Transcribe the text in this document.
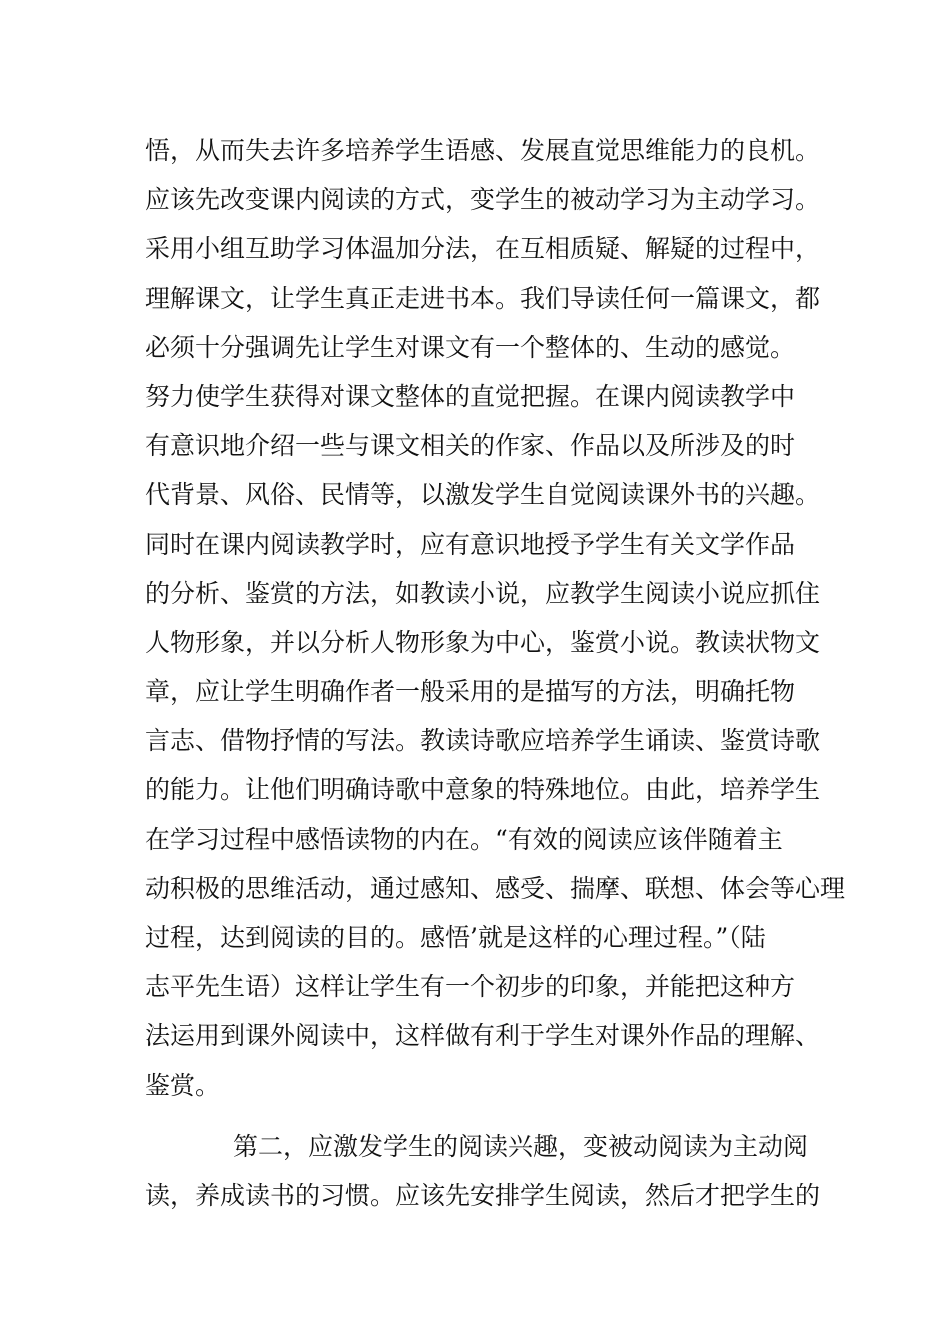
悟，从而失去许多培养学生语感、发展直觉思维能力的良机。
应该先改变课内阅读的方式，变学生的被动学习为主动学习。
采用小组互助学习体温加分法，在互相质疑、解疑的过程中，
理解课文，让学生真正走进书本。我们导读任何一篇课文，都
必须十分强调先让学生对课文有一个整体的、生动的感觉。
努力使学生获得对课文整体的直觉把握。在课内阅读教学中
有意识地介绍一些与课文相关的作家、作品以及所涉及的时
代背景、风俗、民情等，以激发学生自觉阅读课外书的兴趣。
同时在课内阅读教学时，应有意识地授予学生有关文学作品
的分析、鉴赏的方法，如教读小说，应教学生阅读小说应抓住
人物形象，并以分析人物形象为中心，鉴赏小说。教读状物文
章，应让学生明确作者一般采用的是描写的方法，明确托物
言志、借物抒情的写法。教读诗歌应培养学生诵读、鉴赏诗歌
的能力。让他们明确诗歌中意象的特殊地位。由此，培养学生
在学习过程中感悟读物的内在。“有效的阅读应该伴随着主
动积极的思维活动，通过感知、感受、揣摩、联想、体会等心理
过程，达到阅读的目的。感悟’就是这样的心理过程。”（陆
志平先生语）这样让学生有一个初步的印象，并能把这种方
法运用到课外阅读中，这样做有利于学生对课外作品的理解、
鉴赏。
第二，应激发学生的阅读兴趣，变被动阅读为主动阅
读，养成读书的习惯。应该先安排学生阅读，然后才把学生的
